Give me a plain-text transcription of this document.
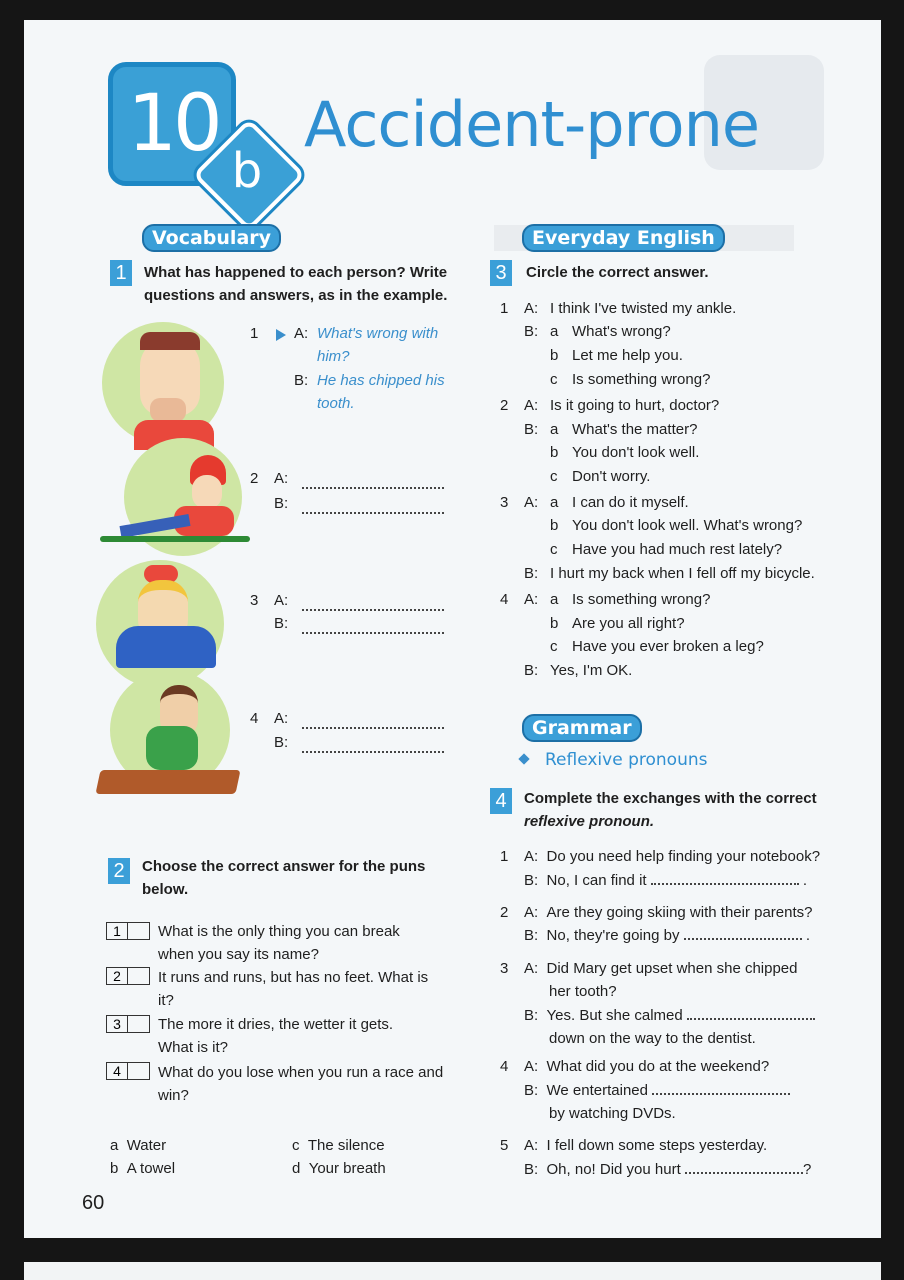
10
b
Accident-prone
Vocabulary
1	What has happened to each person? Write
questions and answers, as in the example.
1 A: What's wrong with
him?
B: He has chipped his
tooth.
2 A:
B:
3 A:
B:
4 A:
B:
2	Choose the correct answer for the puns
below.
1	What is the only thing you can break
when you say its name?
2	It runs and runs, but has no feet. What is
it?
3	The more it dries, the wetter it gets.
What is it?
4	What do you lose when you run a race and
win?
a Water
b A towel
c The silence
d Your breath
60
Everyday English
3	Circle the correct answer.
1 A: I think I've twisted my ankle.
B: a What's wrong?
b Let me help you.
c Is something wrong?
2 A: Is it going to hurt, doctor?
B: a What's the matter?
b You don't look well.
c Don't worry.
3 A: a I can do it myself.
b You don't look well. What's wrong?
c Have you had much rest lately?
B: I hurt my back when I fell off my bicycle.
4 A: a Is something wrong?
b Are you all right?
c Have you ever broken a leg?
B: Yes, I'm OK.
Grammar
Reflexive pronouns
4	Complete the exchanges with the correct
reflexive pronoun.
1 A:  Do you need help finding your notebook?
B:  No, I can find it	.
2 A:  Are they going skiing with their parents?
B:  No, they're going by	.
3 A:  Did Mary get upset when she chipped
her tooth?
B:  Yes. But she calmed
down on the way to the dentist.
4 A:  What did you do at the weekend?
B:  We entertained
by watching DVDs.
5 A:  I fell down some steps yesterday.
B:  Oh, no! Did you hurt	?
